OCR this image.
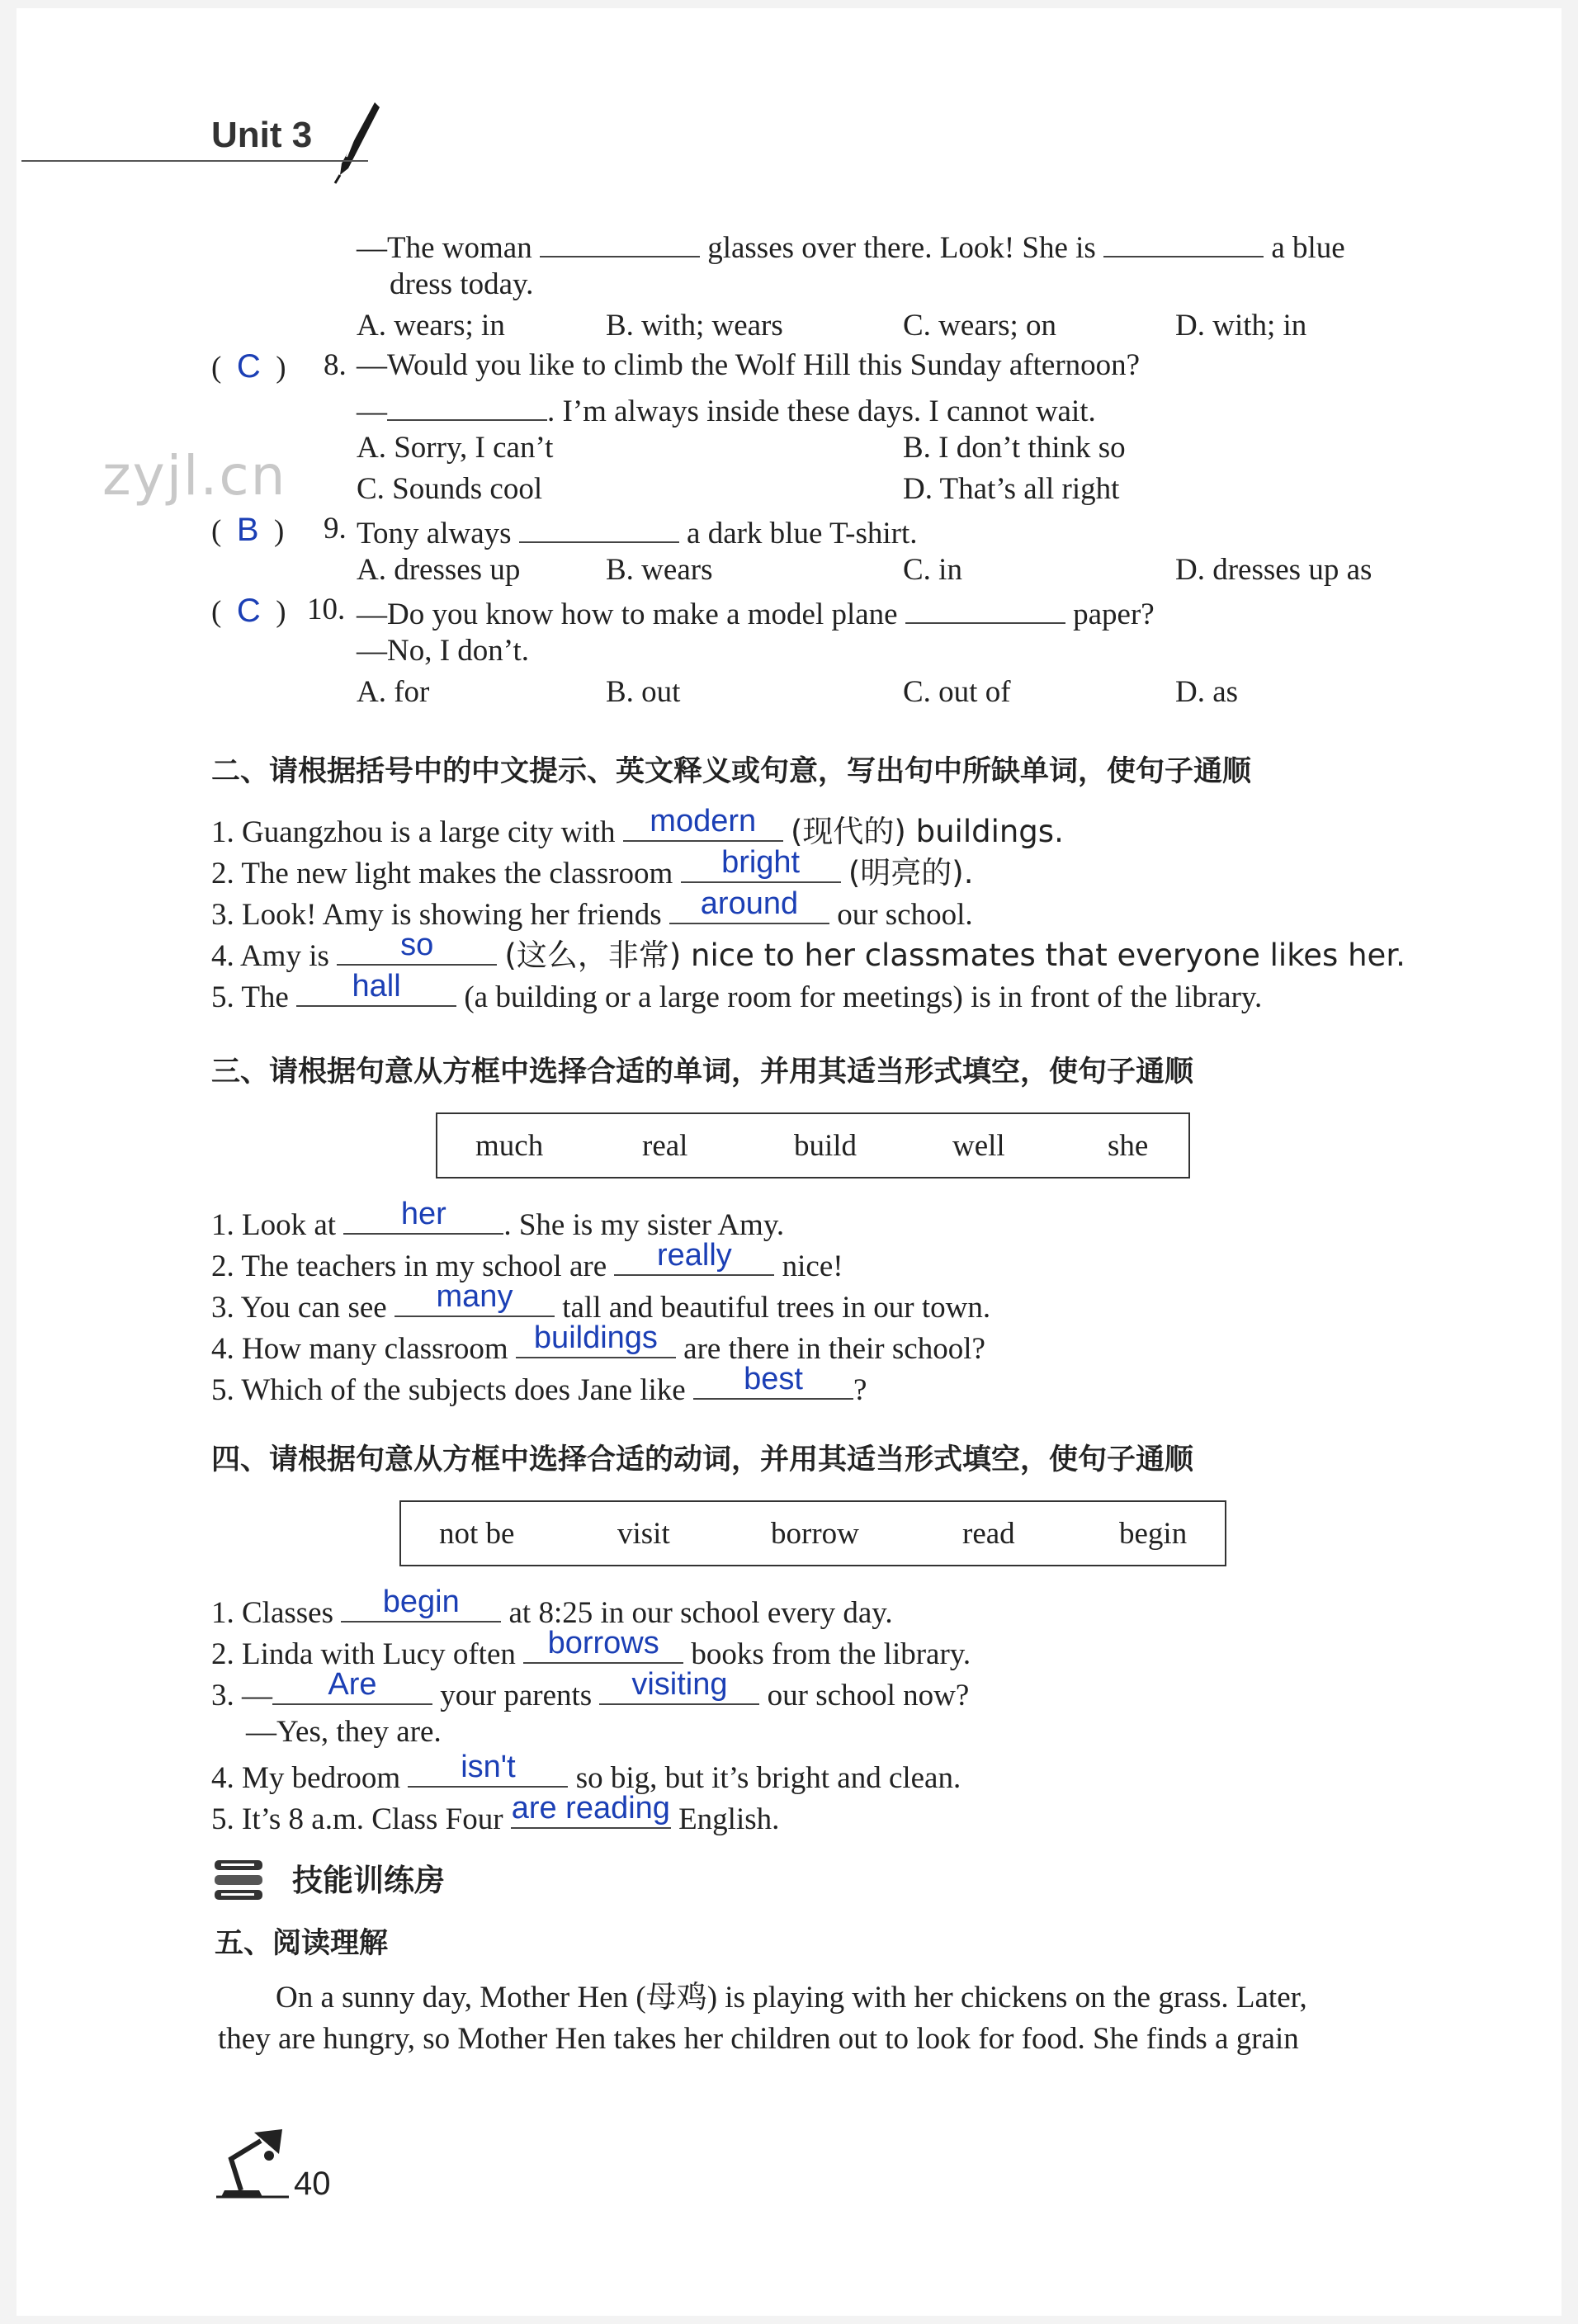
Unit 3
zyjl.cn
—The woman	glasses over there. Look! She is	a blue
dress today.
A. wears; in	B. with; wears	C. wears; on	D. with; in
(  C  ) 8. —Would you like to climb the Wolf Hill this Sunday afternoon?
—	. I’m always inside these days. I cannot wait.
A. Sorry, I can’t	B. I don’t think so
C. Sounds cool	D. That’s all right
(  B  ) 9. Tony always	a dark blue T-shirt.
A. dresses up	B. wears	C. in	D. dresses up as
(  C  ) 10. —Do you know how to make a model plane	paper?
—No, I don’t.
A. for	B. out	C. out of	D. as
二、请根据括号中的中文提示、英文释义或句意，写出句中所缺单词，使句子通顺
1. Guangzhou is a large city with	modern	(现代的) buildings.
2. The new light makes the classroom	bright	(明亮的).
3. Look! Amy is showing her friends	around	our school.
4. Amy is	so	(这么，非常) nice to her classmates that everyone likes her.
5. The	hall	(a building or a large room for meetings) is in front of the library.
三、请根据句意从方框中选择合适的单词，并用其适当形式填空，使句子通顺
much	real	build	well	she
1. Look at	her	. She is my sister Amy.
2. The teachers in my school are	really	nice!
3. You can see	many	tall and beautiful trees in our town.
4. How many classroom buildings are there in their school?
5. Which of the subjects does Jane like	best	?
四、请根据句意从方框中选择合适的动词，并用其适当形式填空，使句子通顺
not be	visit	borrow	read	begin
1. Classes	begin	at 8:25 in our school every day.
2. Linda with Lucy often	borrows	books from the library.
3. —	Are	your parents	visiting	our school now?
—Yes, they are.
4. My bedroom	isn't	so big, but it’s bright and clean.
5. It’s 8 a.m. Class Four are reading English.
技能训练房
五、阅读理解
On a sunny day, Mother Hen (母鸡) is playing with her chickens on the grass. Later,
they are hungry, so Mother Hen takes her children out to look for food. She finds a grain
40
